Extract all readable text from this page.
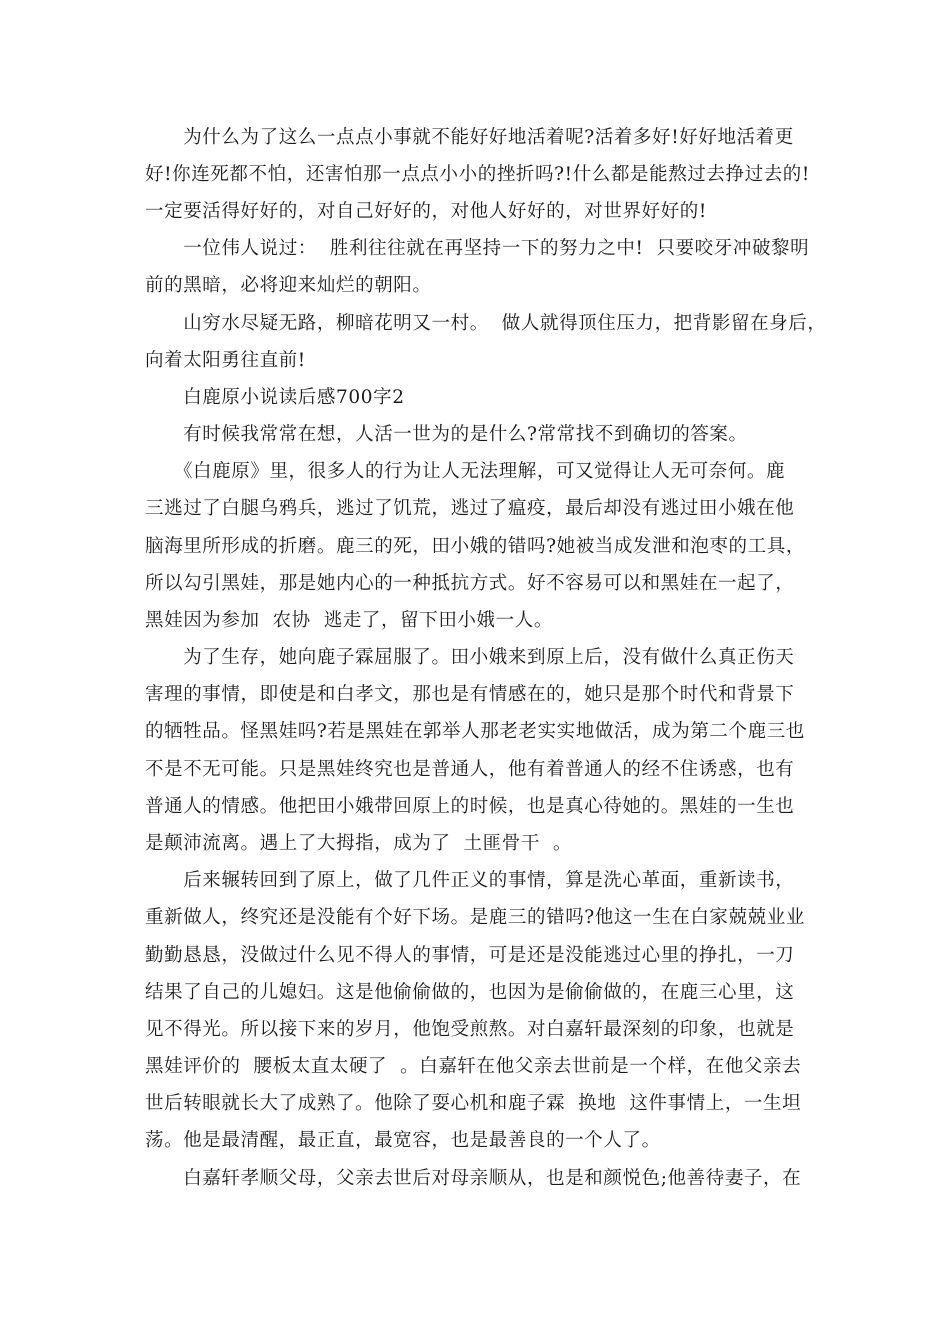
　　为什么为了这么一点点小事就不能好好地活着呢?活着多好!好好地活着更
好!你连死都不怕，还害怕那一点点小小的挫折吗?!什么都是能熬过去挣过去的!
一定要活得好好的，对自己好好的，对他人好好的，对世界好好的!
　　一位伟人说过：  胜利往往就在再坚持一下的努力之中!  只要咬牙冲破黎明
前的黑暗，必将迎来灿烂的朝阳。
　　山穷水尽疑无路，柳暗花明又一村。  做人就得顶住压力，把背影留在身后，
向着太阳勇往直前!
　　白鹿原小说读后感700字2
　　有时候我常常在想，人活一世为的是什么?常常找不到确切的答案。
　　《白鹿原》里，很多人的行为让人无法理解，可又觉得让人无可奈何。鹿
三逃过了白腿乌鸦兵，逃过了饥荒，逃过了瘟疫，最后却没有逃过田小娥在他
脑海里所形成的折磨。鹿三的死，田小娥的错吗?她被当成发泄和泡枣的工具，
所以勾引黑娃，那是她内心的一种抵抗方式。好不容易可以和黑娃在一起了，
黑娃因为参加  农协  逃走了，留下田小娥一人。
　　为了生存，她向鹿子霖屈服了。田小娥来到原上后，没有做什么真正伤天
害理的事情，即使是和白孝文，那也是有情感在的，她只是那个时代和背景下
的牺牲品。怪黑娃吗?若是黑娃在郭举人那老老实实地做活，成为第二个鹿三也
不是不无可能。只是黑娃终究也是普通人，他有着普通人的经不住诱惑，也有
普通人的情感。他把田小娥带回原上的时候，也是真心待她的。黑娃的一生也
是颠沛流离。遇上了大拇指，成为了  土匪骨干  。
　　后来辗转回到了原上，做了几件正义的事情，算是洗心革面，重新读书，
重新做人，终究还是没能有个好下场。是鹿三的错吗?他这一生在白家兢兢业业
勤勤恳恳，没做过什么见不得人的事情，可是还是没能逃过心里的挣扎，一刀
结果了自己的儿媳妇。这是他偷偷做的，也因为是偷偷做的，在鹿三心里，这
见不得光。所以接下来的岁月，他饱受煎熬。对白嘉轩最深刻的印象，也就是
黑娃评价的  腰板太直太硬了  。白嘉轩在他父亲去世前是一个样，在他父亲去
世后转眼就长大了成熟了。他除了耍心机和鹿子霖  换地  这件事情上，一生坦
荡。他是最清醒，最正直，最宽容，也是最善良的一个人了。
　　白嘉轩孝顺父母，父亲去世后对母亲顺从，也是和颜悦色;他善待妻子，在
